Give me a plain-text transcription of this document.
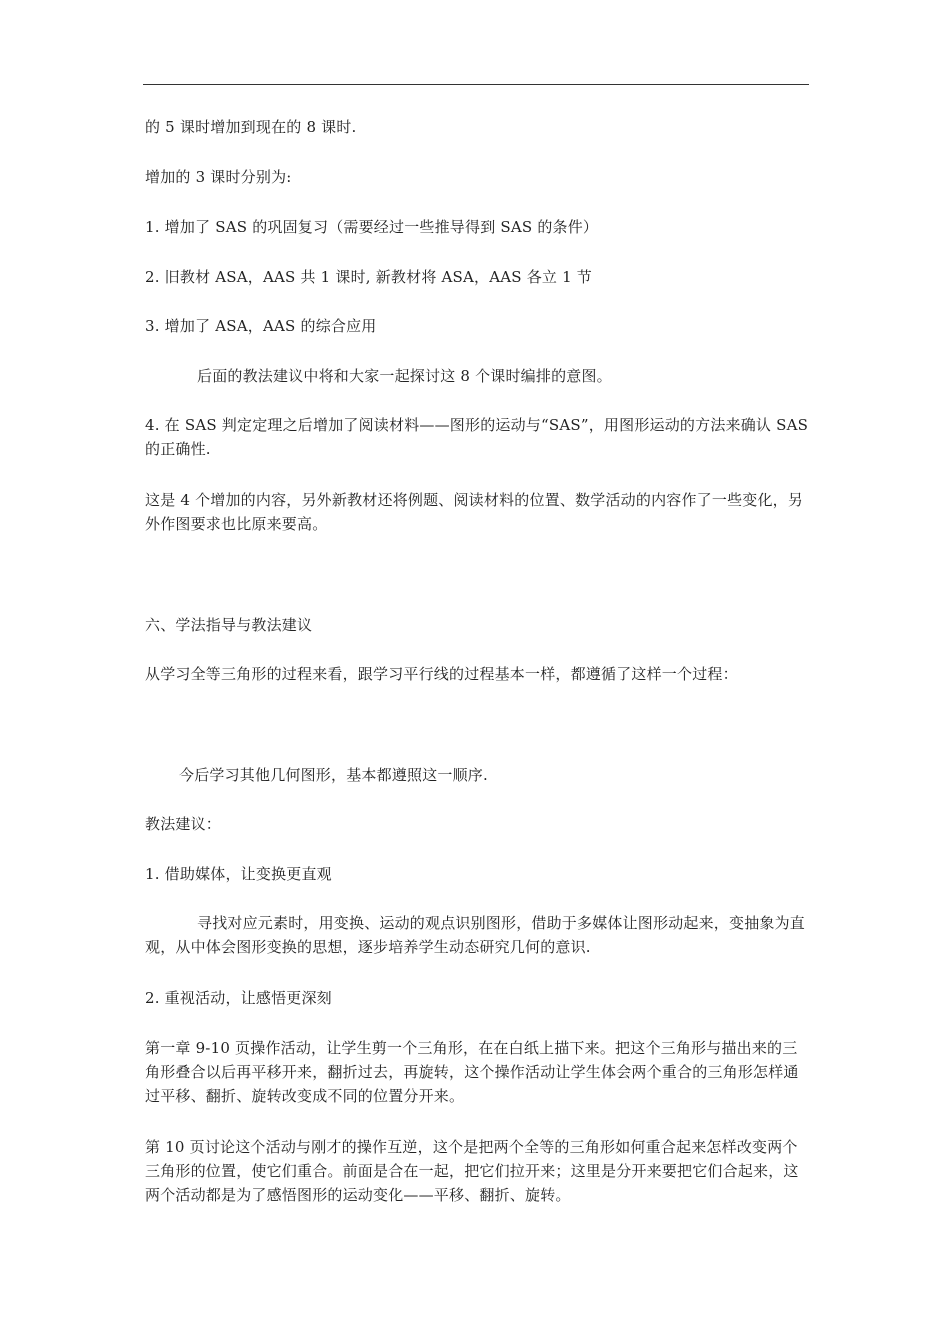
的 5 课时增加到现在的 8 课时.

增加的 3 课时分别为:

1. 增加了 SAS 的巩固复习（需要经过一些推导得到 SAS 的条件）

2. 旧教材 ASA，AAS 共 1 课时, 新教材将 ASA，AAS 各立 1 节

3. 增加了 ASA，AAS 的综合应用

后面的教法建议中将和大家一起探讨这 8 个课时编排的意图。

4. 在 SAS 判定定理之后增加了阅读材料——图形的运动与“SAS”，用图形运动的方法来确认 SAS 的正确性.

这是 4 个增加的内容，另外新教材还将例题、阅读材料的位置、数学活动的内容作了一些变化，另外作图要求也比原来要高。

六、学法指导与教法建议

从学习全等三角形的过程来看，跟学习平行线的过程基本一样，都遵循了这样一个过程：

今后学习其他几何图形，基本都遵照这一顺序.

教法建议：

1. 借助媒体，让变换更直观

寻找对应元素时，用变换、运动的观点识别图形，借助于多媒体让图形动起来，变抽象为直观，从中体会图形变换的思想，逐步培养学生动态研究几何的意识.

2. 重视活动，让感悟更深刻

第一章 9-10 页操作活动，让学生剪一个三角形，在在白纸上描下来。把这个三角形与描出来的三角形叠合以后再平移开来，翻折过去，再旋转，这个操作活动让学生体会两个重合的三角形怎样通过平移、翻折、旋转改变成不同的位置分开来。

第 10 页讨论这个活动与刚才的操作互逆，这个是把两个全等的三角形如何重合起来怎样改变两个三角形的位置，使它们重合。前面是合在一起，把它们拉开来；这里是分开来要把它们合起来，这两个活动都是为了感悟图形的运动变化——平移、翻折、旋转。
